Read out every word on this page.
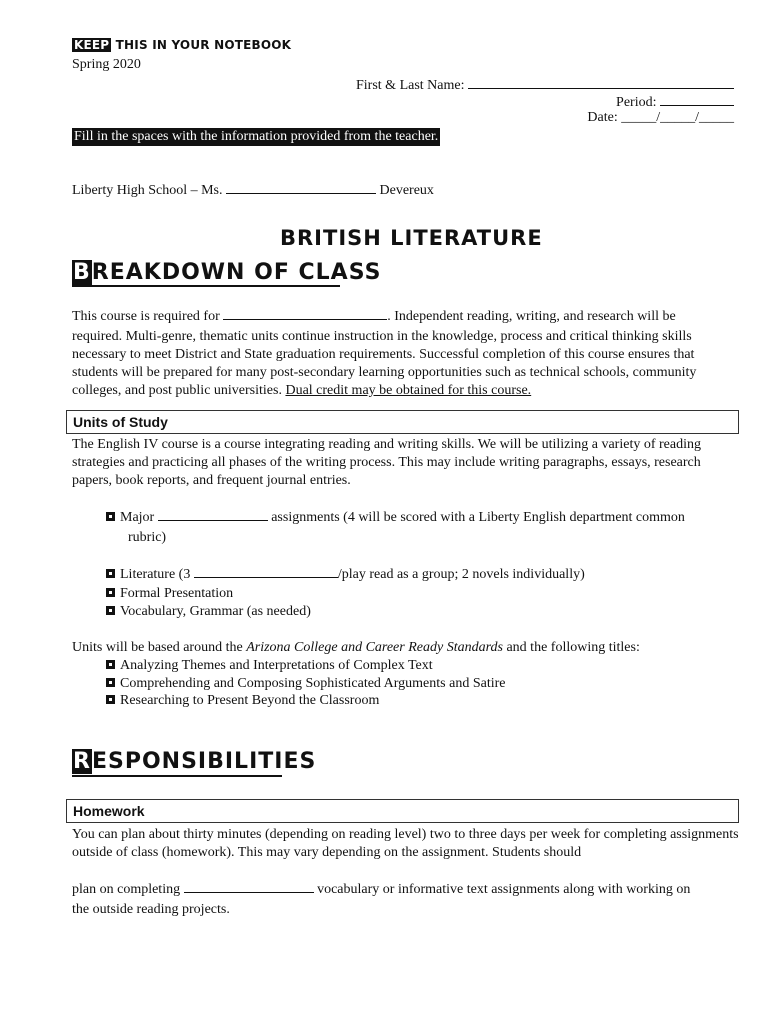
KEEP THIS IN YOUR NOTEBOOK
Spring 2020
First & Last Name:
Period:
Date: _____/_____/_____
Fill in the spaces with the information provided from the teacher.
Liberty High School – Ms.	Devereux
BRITISH LITERATURE
BREAKDOWN OF CLASS
This course is required for	. Independent reading, writing, and research will be
required. Multi-genre, thematic units continue instruction in the knowledge, process and critical thinking skills necessary to meet District and State graduation requirements. Successful completion of this course ensures that students will be prepared for many post-secondary learning opportunities such as technical schools, community colleges, and post public universities. Dual credit may be obtained for this course.
Units of Study
The English IV course is a course integrating reading and writing skills. We will be utilizing a variety of reading strategies and practicing all phases of the writing process. This may include writing paragraphs, essays, research papers, book reports, and frequent journal entries.
Major	assignments (4 will be scored with a Liberty English department common
rubric)
Literature (3	/play read as a group; 2 novels individually)
Formal Presentation
Vocabulary, Grammar (as needed)
Units will be based around the Arizona College and Career Ready Standards and the following titles:
Analyzing Themes and Interpretations of Complex Text
Comprehending and Composing Sophisticated Arguments and Satire
Researching to Present Beyond the Classroom
RESPONSIBILITIES
Homework
You can plan about thirty minutes (depending on reading level) two to three days per week for completing assignments outside of class (homework). This may vary depending on the assignment. Students should
plan on completing	vocabulary or informative text assignments along with working on
the outside reading projects.
